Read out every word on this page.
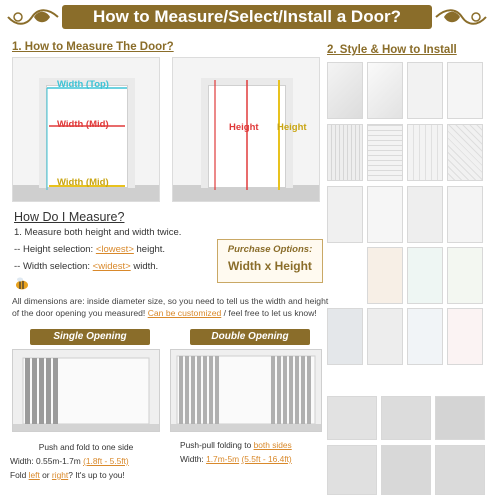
How to Measure/Select/Install a Door?
1. How to Measure The Door?	2. Style & How to Install
Width (Top)
Width (Mid)
Width (Mid)
Height Height
How Do I Measure?
1. Measure both height and width twice.
-- Height selection: <lowest> height.
-- Width selection: <widest> width.
Purchase Options:
Width x Height
All dimensions are: inside diameter size, so you need to tell us the width and height of the door opening you measured! Can be customized / feel free to let us know!
Single Opening
Push and fold to one side
Width: 0.55m-1.7m (1.8ft - 5.5ft)
Fold left or right? It's up to you!
Double Opening
Push-pull folding to both sides
Width: 1.7m-5m (5.5ft - 16.4ft)
